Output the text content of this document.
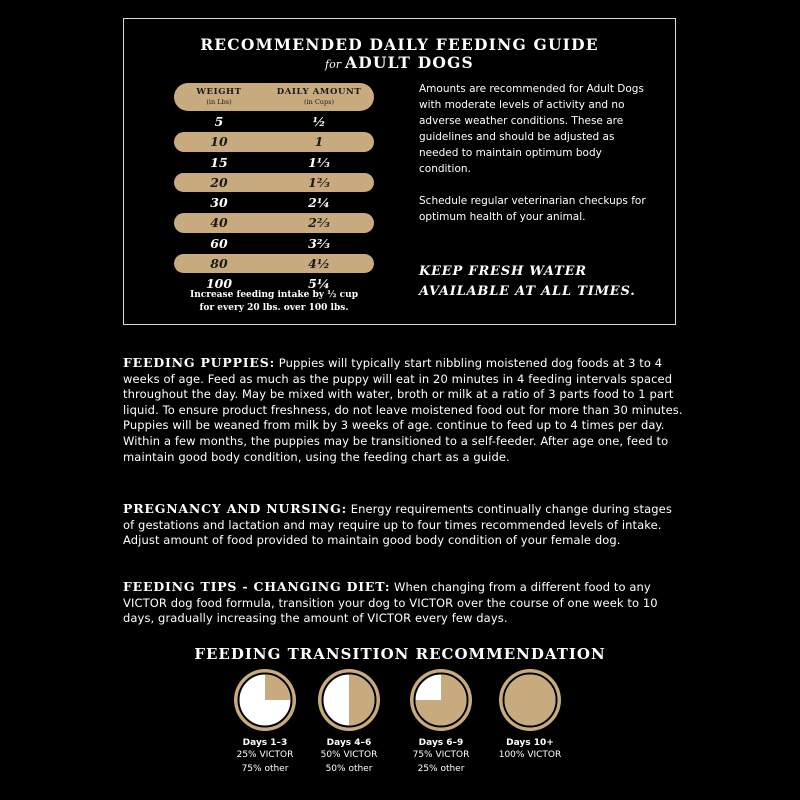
RECOMMENDED DAILY FEEDING GUIDE
for ADULT DOGS
WEIGHT
(in Lbs)
DAILY AMOUNT
(in Cups)
5	½
10	1
15	1⅓
20	1⅔
30	2¼
40	2⅔
60	3⅔
80	4½
100	5¼
Increase feeding intake by ½ cup
for every 20 lbs. over 100 lbs.

Amounts are recommended for Adult Dogs with moderate levels of activity and no adverse weather conditions. These are guidelines and should be adjusted as needed to maintain optimum body condition.

Schedule regular veterinarian checkups for optimum health of your animal.

KEEP FRESH WATER
AVAILABLE AT ALL TIMES.
FEEDING PUPPIES: Puppies will typically start nibbling moistened dog foods at 3 to 4 weeks of age. Feed as much as the puppy will eat in 20 minutes in 4 feeding intervals spaced throughout the day. May be mixed with water, broth or milk at a ratio of 3 parts food to 1 part liquid. To ensure product freshness, do not leave moistened food out for more than 30 minutes. Puppies will be weaned from milk by 3 weeks of age. continue to feed up to 4 times per day. Within a few months, the puppies may be transitioned to a self-feeder. After age one, feed to maintain good body condition, using the feeding chart as a guide.
PREGNANCY AND NURSING: Energy requirements continually change during stages of gestations and lactation and may require up to four times recommended levels of intake. Adjust amount of food provided to maintain good body condition of your female dog.
FEEDING TIPS - CHANGING DIET: When changing from a different food to any VICTOR dog food formula, transition your dog to VICTOR over the course of one week to 10 days, gradually increasing the amount of VICTOR every few days.
FEEDING TRANSITION RECOMMENDATION
Days 1–3
25% VICTOR
75% other
Days 4–6
50% VICTOR
50% other
Days 6–9
75% VICTOR
25% other
Days 10+
100% VICTOR
